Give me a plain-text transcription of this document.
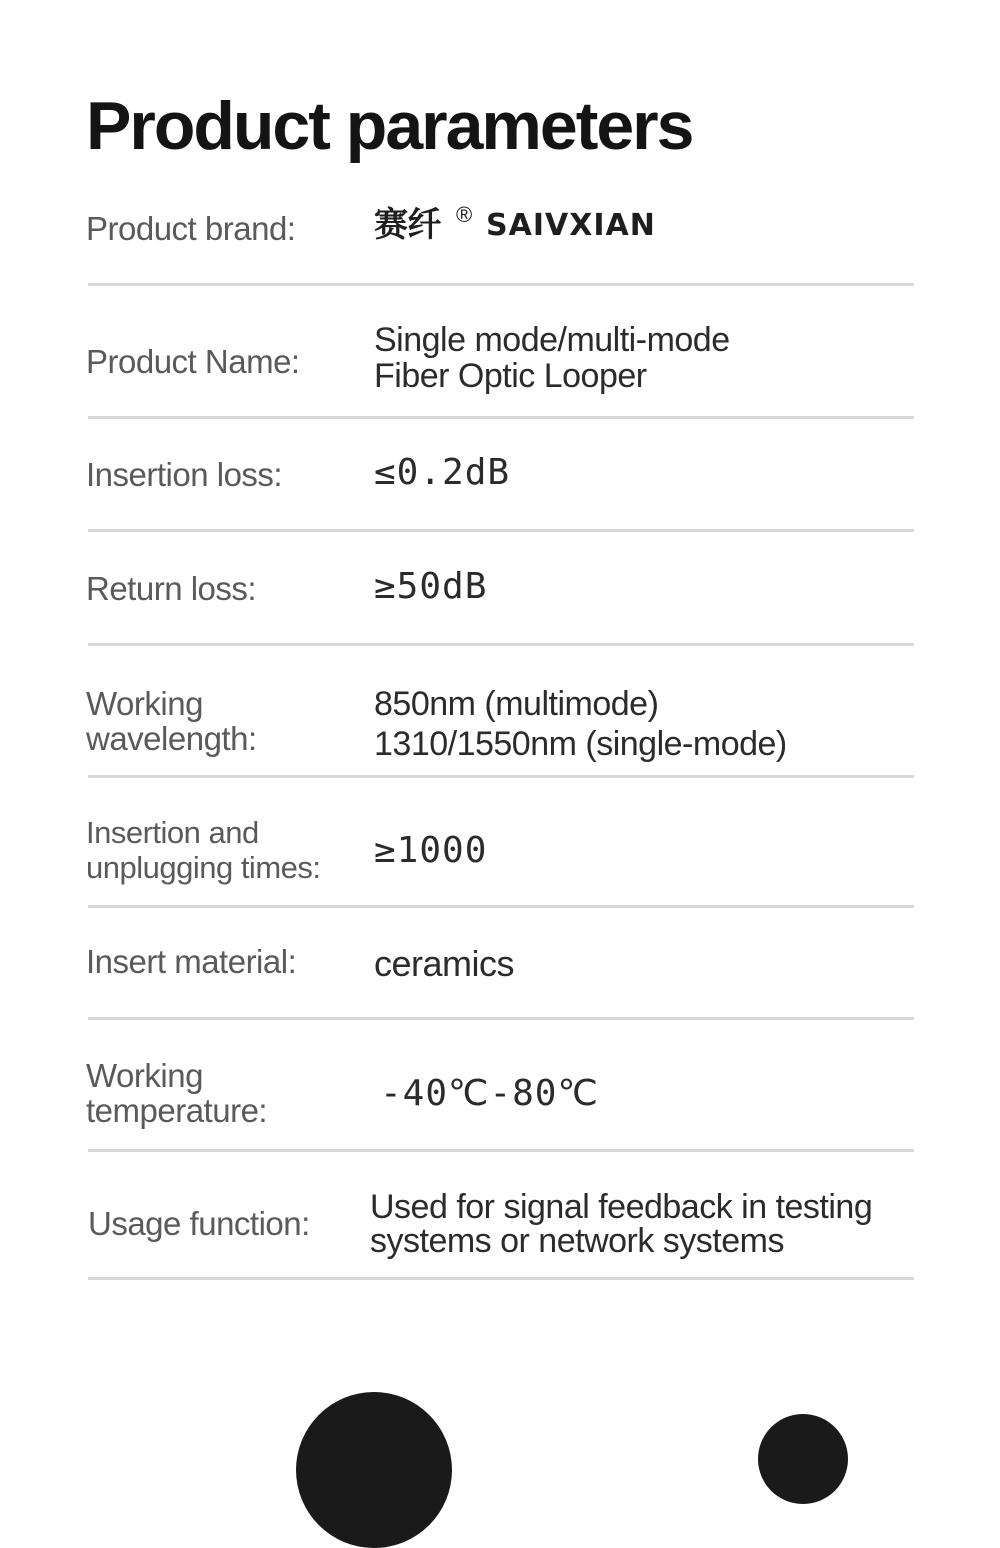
Product parameters
Product brand:	赛纤 ® SAIVXIAN
Product Name:
Single mode/multi-mode
Fiber Optic Looper
Insertion loss:	≤0.2dB
Return loss:	≥50dB
Working
wavelength:
850nm (multimode)
1310/1550nm (single-mode)
Insertion and
unplugging times:	≥1000
Insert material:	ceramics
Working
temperature:	-40℃-80℃
Usage function:	Used for signal feedback in testing
systems or network systems
